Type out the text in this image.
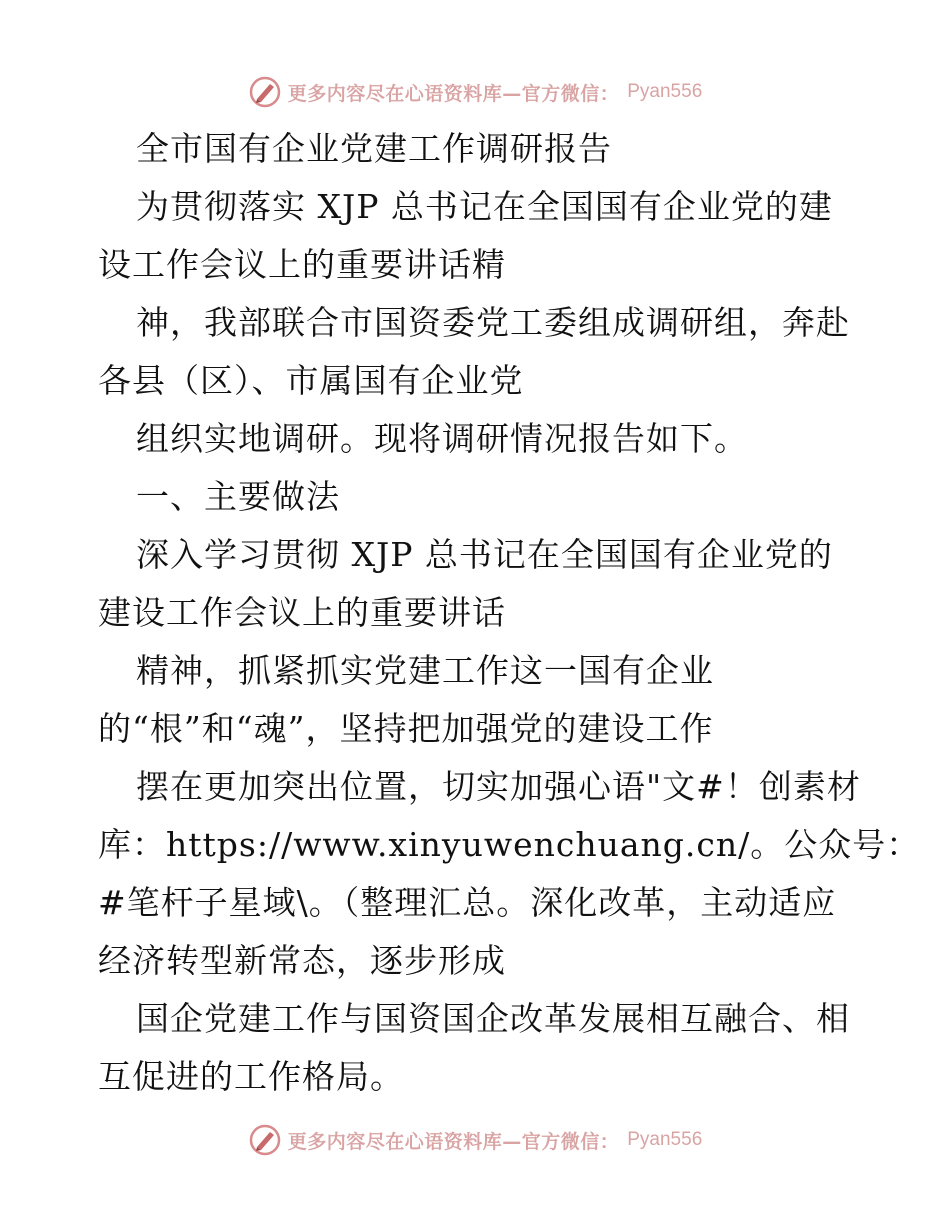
更多内容尽在心语资料库—官方微信： Pyan556
全市国有企业党建工作调研报告
为贯彻落实 XJP 总书记在全国国有企业党的建
设工作会议上的重要讲话精
神，我部联合市国资委党工委组成调研组，奔赴
各县（区）、市属国有企业党
组织实地调研。现将调研情况报告如下。
一、主要做法
深入学习贯彻 XJP 总书记在全国国有企业党的
建设工作会议上的重要讲话
精神，抓紧抓实党建工作这一国有企业
的“根”和“魂”，坚持把加强党的建设工作
摆在更加突出位置，切实加强心语"文#！创素材
库：https://www.xinyuwenchuang.cn/。公众号：
#笔杆子星域\。（整理汇总。深化改革，主动适应
经济转型新常态，逐步形成
国企党建工作与国资国企改革发展相互融合、相
互促进的工作格局。
更多内容尽在心语资料库—官方微信： Pyan556
